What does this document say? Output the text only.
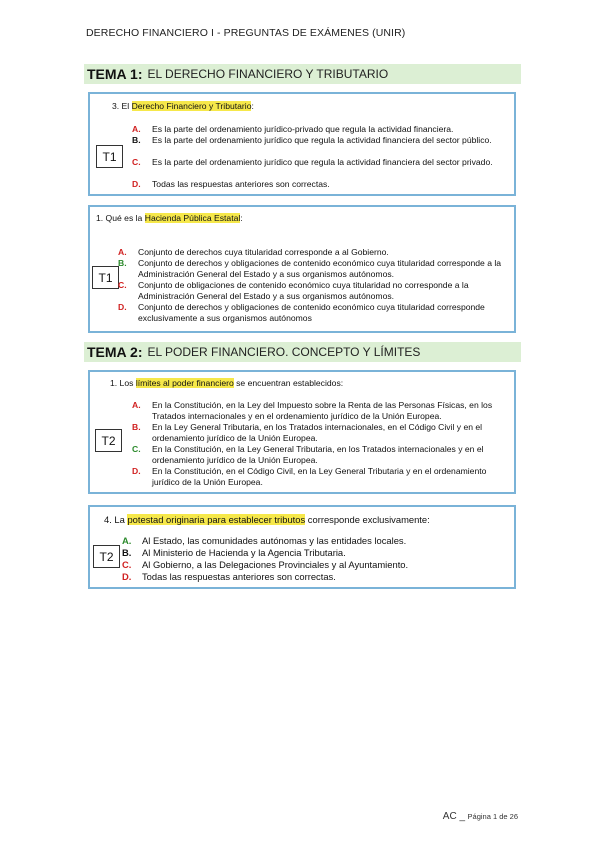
DERECHO FINANCIERO I - PREGUNTAS DE EXÁMENES (UNIR)
TEMA 1: EL DERECHO FINANCIERO Y TRIBUTARIO
3. El Derecho Financiero y Tributario:
T1
A. Es la parte del ordenamiento jurídico-privado que regula la actividad financiera.
B. Es la parte del ordenamiento jurídico que regula la actividad financiera del sector público.
C. Es la parte del ordenamiento jurídico que regula la actividad financiera del sector privado.
D. Todas las respuestas anteriores son correctas.
1. Qué es la Hacienda Pública Estatal:
T1
A. Conjunto de derechos cuya titularidad corresponde a al Gobierno.
B. Conjunto de derechos y obligaciones de contenido económico cuya titularidad corresponde a la Administración General del Estado y a sus organismos autónomos.
C. Conjunto de obligaciones de contenido económico cuya titularidad no corresponde a la Administración General del Estado y a sus organismos autónomos.
D. Conjunto de derechos y obligaciones de contenido económico cuya titularidad corresponde exclusivamente a sus organismos autónomos
TEMA 2: EL PODER FINANCIERO. CONCEPTO Y LÍMITES
1. Los límites al poder financiero se encuentran establecidos:
T2
A. En la Constitución, en la Ley del Impuesto sobre la Renta de las Personas Físicas, en los Tratados internacionales y en el ordenamiento jurídico de la Unión Europea.
B. En la Ley General Tributaria, en los Tratados internacionales, en el Código Civil y en el ordenamiento jurídico de la Unión Europea.
C. En la Constitución, en la Ley General Tributaria, en los Tratados internacionales y en el ordenamiento jurídico de la Unión Europea.
D. En la Constitución, en el Código Civil, en la Ley General Tributaria y en el ordenamiento jurídico de la Unión Europea.
4. La potestad originaria para establecer tributos corresponde exclusivamente:
T2
A. Al Estado, las comunidades autónomas y las entidades locales.
B. Al Ministerio de Hacienda y la Agencia Tributaria.
C. Al Gobierno, a las Delegaciones Provinciales y al Ayuntamiento.
D. Todas las respuestas anteriores son correctas.
AC _ Página 1 de 26
